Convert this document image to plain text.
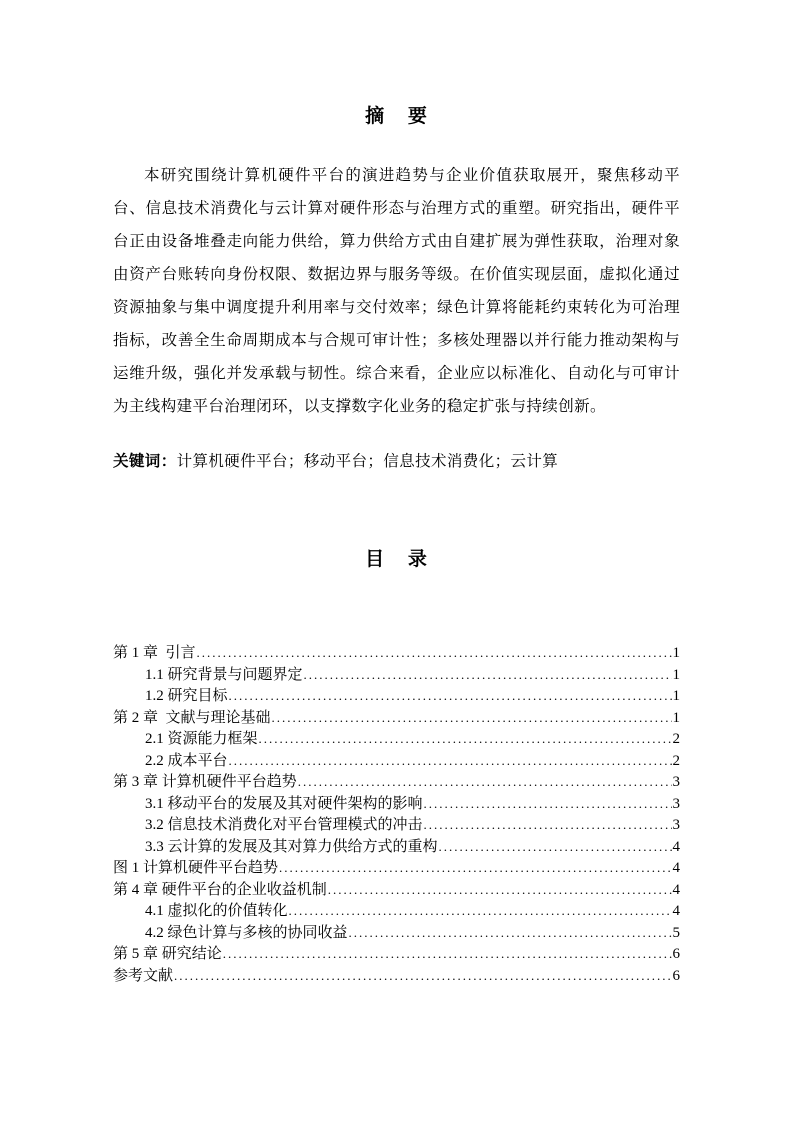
摘 要
本研究围绕计算机硬件平台的演进趋势与企业价值获取展开，聚焦移动平台、信息技术消费化与云计算对硬件形态与治理方式的重塑。研究指出，硬件平台正由设备堆叠走向能力供给，算力供给方式由自建扩展为弹性获取，治理对象由资产台账转向身份权限、数据边界与服务等级。在价值实现层面，虚拟化通过资源抽象与集中调度提升利用率与交付效率；绿色计算将能耗约束转化为可治理指标，改善全生命周期成本与合规可审计性；多核处理器以并行能力推动架构与运维升级，强化并发承载与韧性。综合来看，企业应以标准化、自动化与可审计为主线构建平台治理闭环，以支撑数字化业务的稳定扩张与持续创新。
关键词：计算机硬件平台；移动平台；信息技术消费化；云计算
目 录
第 1 章  引言 .....	1
1.1 研究背景与问题界定 .....	1
1.2 研究目标 .....	1
第 2 章  文献与理论基础 .....	1
2.1 资源能力框架 .....	2
2.2 成本平台 .....	2
第 3 章 计算机硬件平台趋势 .....	3
3.1 移动平台的发展及其对硬件架构的影响 .....	3
3.2 信息技术消费化对平台管理模式的冲击 .....	3
3.3 云计算的发展及其对算力供给方式的重构 .....	4
图 1 计算机硬件平台趋势 .....	4
第 4 章 硬件平台的企业收益机制 .....	4
4.1 虚拟化的价值转化 .....	4
4.2 绿色计算与多核的协同收益 .....	5
第 5 章 研究结论 .....	6
参考文献 .....	6
